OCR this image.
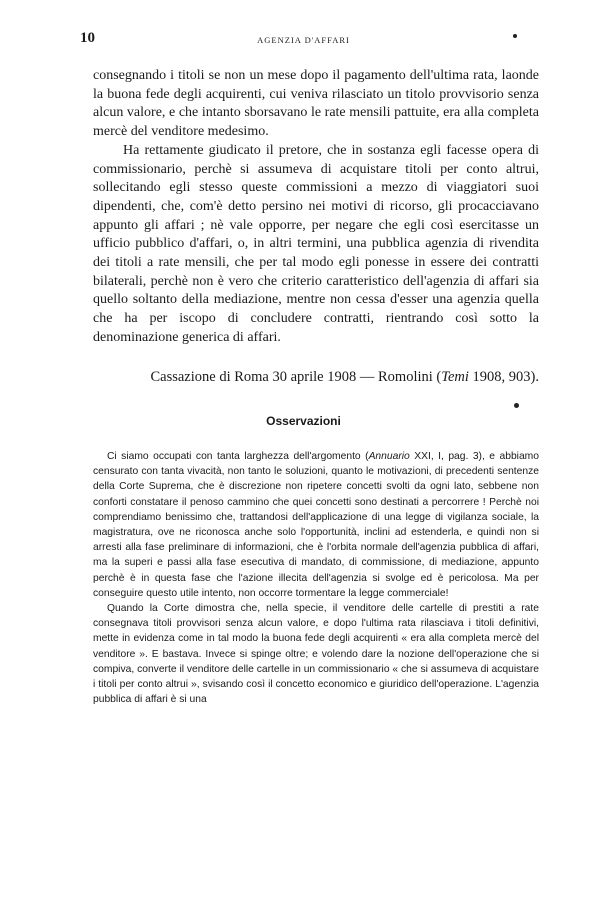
10	AGENZIA D'AFFARI

consegnando i titoli se non un mese dopo il pagamento dell'ultima rata, laonde la buona fede degli acquirenti, cui veniva rilasciato un titolo provvisorio senza alcun valore, e che intanto sborsavano le rate mensili pattuite, era alla completa mercè del venditore medesimo.

Ha rettamente giudicato il pretore, che in sostanza egli facesse opera di commissionario, perchè si assumeva di acquistare titoli per conto altrui, sollecitando egli stesso queste commissioni a mezzo di viaggiatori suoi dipendenti, che, com'è detto persino nei motivi di ricorso, gli procacciavano appunto gli affari ; nè vale opporre, per negare che egli così esercitasse un ufficio pubblico d'affari, o, in altri termini, una pubblica agenzia di rivendita dei titoli a rate mensili, che per tal modo egli ponesse in essere dei contratti bilaterali, perchè non è vero che criterio caratteristico dell'agenzia di affari sia quello soltanto della mediazione, mentre non cessa d'esser una agenzia quella che ha per iscopo di concludere contratti, rientrando così sotto la denominazione generica di affari.

Cassazione di Roma 30 aprile 1908 — Romolini (Temi 1908, 903).
Osservazioni

Ci siamo occupati con tanta larghezza dell'argomento (Annuario XXI, I, pag. 3), e abbiamo censurato con tanta vivacità, non tanto le soluzioni, quanto le motivazioni, di precedenti sentenze della Corte Suprema, che è discrezione non ripetere concetti svolti da ogni lato, sebbene non conforti constatare il penoso cammino che quei concetti sono destinati a percorrere ! Perchè noi comprendiamo benissimo che, trattandosi dell'applicazione di una legge di vigilanza sociale, la magistratura, ove ne riconosca anche solo l'opportunità, inclini ad estenderla, e quindi non si arresti alla fase preliminare di informazioni, che è l'orbita normale dell'agenzia pubblica di affari, ma la superi e passi alla fase esecutiva di mandato, di commissione, di mediazione, appunto perchè è in questa fase che l'azione illecita dell'agenzia si svolge ed è pericolosa. Ma per conseguire questo utile intento, non occorre tormentare la legge commerciale!

Quando la Corte dimostra che, nella specie, il venditore delle cartelle di prestiti a rate consegnava titoli provvisori senza alcun valore, e dopo l'ultima rata rilasciava i titoli definitivi, mette in evidenza come in tal modo la buona fede degli acquirenti « era alla completa mercè del venditore ». E bastava. Invece si spinge oltre; e volendo dare la nozione dell'operazione che si compiva, converte il venditore delle cartelle in un commissionario « che si assumeva di acquistare i titoli per conto altrui », svisando così il concetto economico e giuridico dell'operazione. L'agenzia pubblica di affari è si una
